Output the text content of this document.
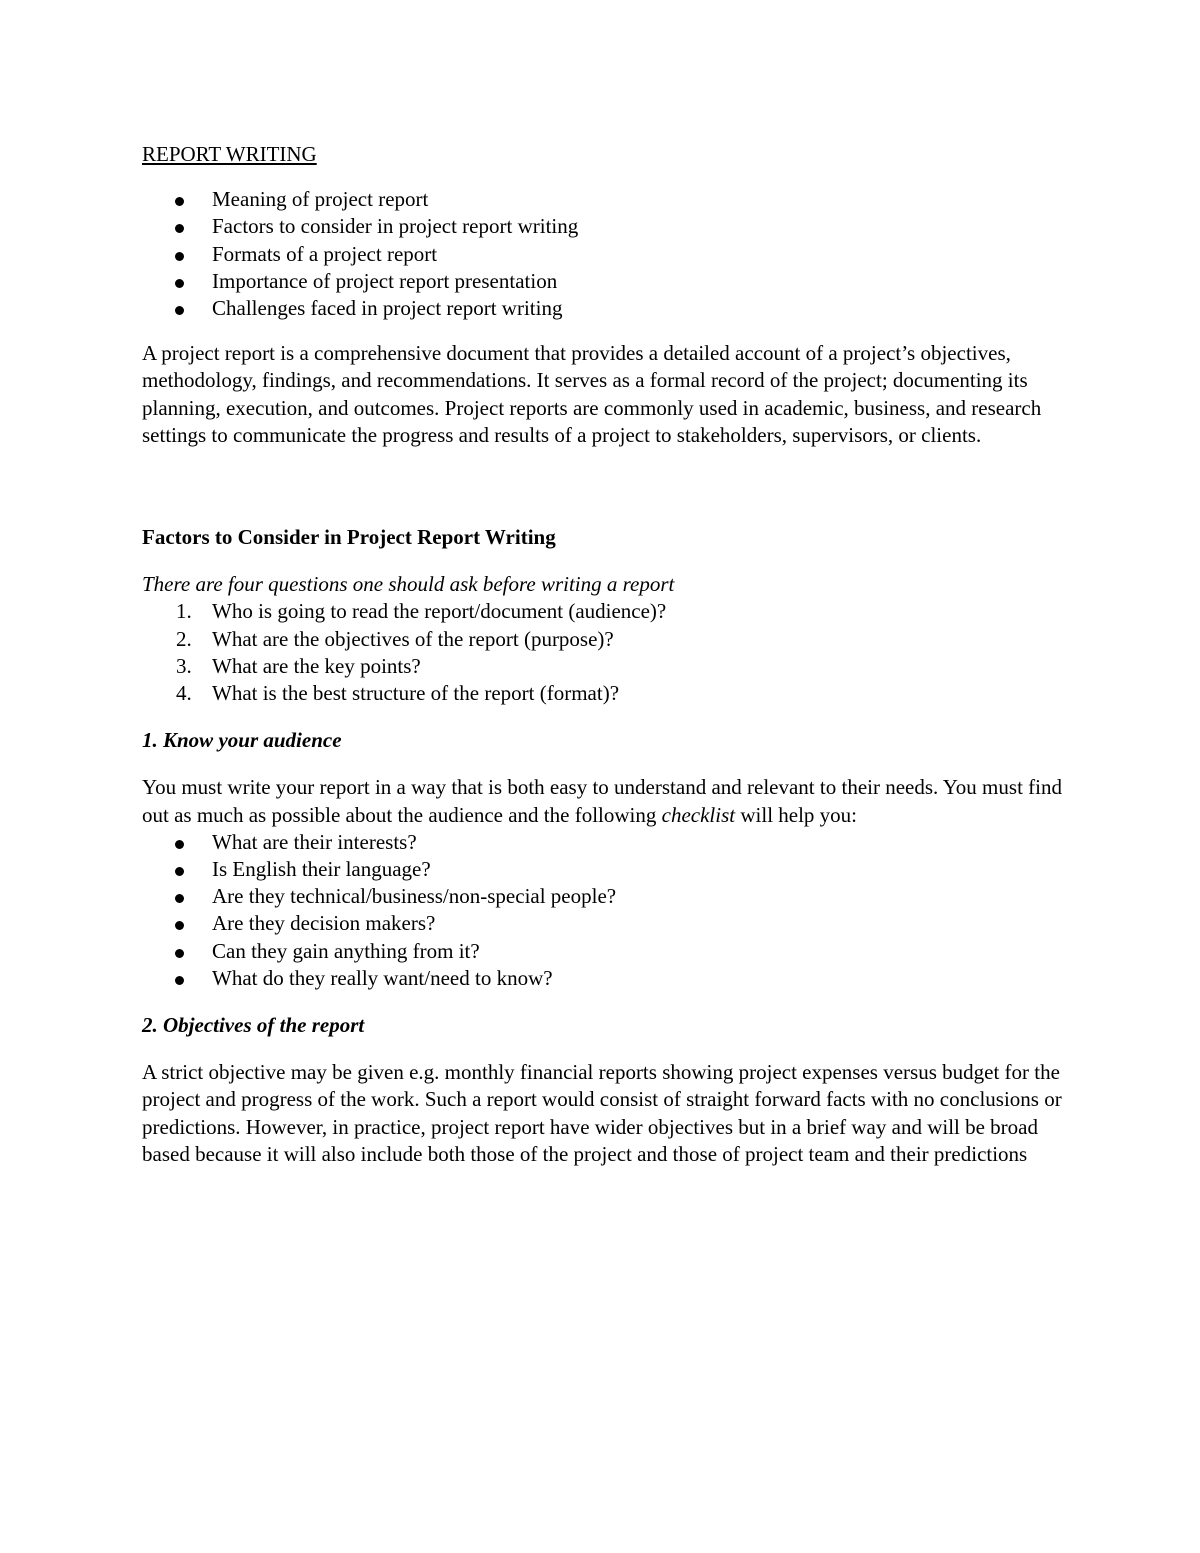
REPORT WRITING
Meaning of project report
Factors to consider in project report writing
Formats of a project report
Importance of project report presentation
Challenges faced in project report writing

A project report is a comprehensive document that provides a detailed account of a project’s objectives, methodology, findings, and recommendations. It serves as a formal record of the project; documenting its planning, execution, and outcomes. Project reports are commonly used in academic, business, and research settings to communicate the progress and results of a project to stakeholders, supervisors, or clients.

Factors to Consider in Project Report Writing

There are four questions one should ask before writing a report

1. Who is going to read the report/document (audience)?
2. What are the objectives of the report (purpose)?
3. What are the key points?
4. What is the best structure of the report (format)?

1. Know your audience

You must write your report in a way that is both easy to understand and relevant to their needs. You must find out as much as possible about the audience and the following checklist will help you:

What are their interests?
Is English their language?
Are they technical/business/non-special people?
Are they decision makers?
Can they gain anything from it?
What do they really want/need to know?

2. Objectives of the report

A strict objective may be given e.g. monthly financial reports showing project expenses versus budget for the project and progress of the work. Such a report would consist of straight forward facts with no conclusions or predictions. However, in practice, project report have wider objectives but in a brief way and will be broad based because it will also include both those of the project and those of project team and their predictions
